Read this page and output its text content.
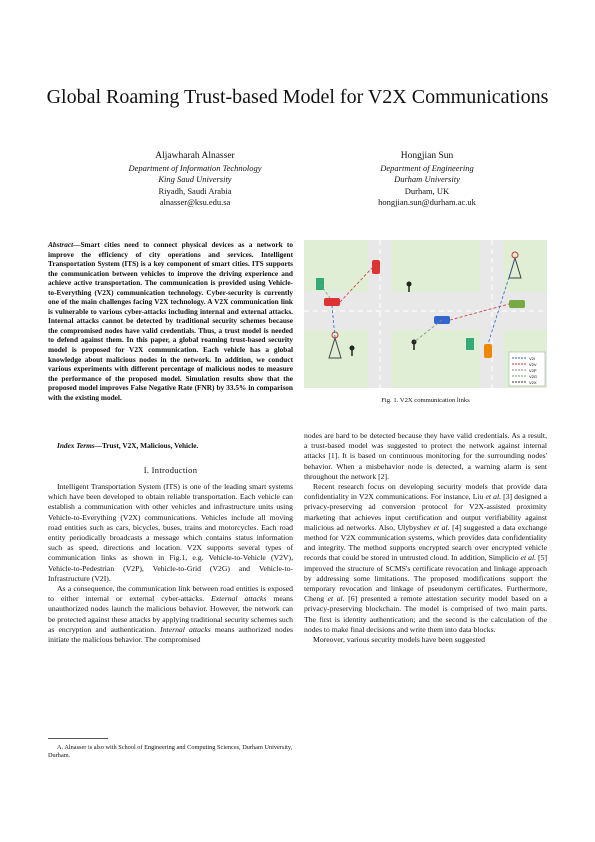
Global Roaming Trust-based Model for V2X Communications
Aljawharah Alnasser
Department of Information Technology
King Saud University
Riyadh, Saudi Arabia
alnasser@ksu.edu.sa
Hongjian Sun
Department of Engineering
Durham University
Durham, UK
hongjian.sun@durham.ac.uk
Abstract—Smart cities need to connect physical devices as a network to improve the efficiency of city operations and services. Intelligent Transportation System (ITS) is a key component of smart cities. ITS supports the communication between vehicles to improve the driving experience and achieve active transportation. The communication is provided using Vehicle-to-Everything (V2X) communication technology. Cyber-security is currently one of the main challenges facing V2X technology. A V2X communication link is vulnerable to various cyber-attacks including internal and external attacks. Internal attacks cannot be detected by traditional security schemes because the compromised nodes have valid credentials. Thus, a trust model is needed to defend against them. In this paper, a global roaming trust-based security model is proposed for V2X communication. Each vehicle has a global knowledge about malicious nodes in the network. In addition, we conduct various experiments with different percentage of malicious nodes to measure the performance of the proposed model. Simulation results show that the proposed model improves False Negative Rate (FNR) by 33.5% in comparison with the existing model.
Index Terms—Trust, V2X, Malicious, Vehicle.
I. Introduction

Intelligent Transportation System (ITS) is one of the leading smart systems which have been developed to obtain reliable transportation. Each vehicle can establish a communication with other vehicles and infrastructure units using Vehicle-to-Everything (V2X) communications. Vehicles include all moving road entities such as cars, bicycles, buses, trains and motorcycles. Each road entity periodically broadcasts a message which contains status information such as speed, directions and location. V2X supports several types of communication links as shown in Fig.1, e.g. Vehicle-to-Vehicle (V2V), Vehicle-to-Pedestrian (V2P), Vehicle-to-Grid (V2G) and Vehicle-to-Infrastructure (V2I).

As a consequence, the communication link between road entities is exposed to either internal or external cyber-attacks. External attacks means unauthorized nodes launch the malicious behavior. However, the network can be protected against these attacks by applying traditional security schemes such as encryption and authentication. Internal attacks means authorized nodes initiate the malicious behavior. The compromised

A. Alnasser is also with School of Engineering and Computing Sciences, Durham University, Durham.
V2I
V2V
V2P
V2G
V2X
Fig. 1. V2X communication links

nodes are hard to be detected because they have valid credentials. As a result, a trust-based model was suggested to protect the network against internal attacks [1]. It is based on continuous monitoring for the surrounding nodes' behavior. When a misbehavior node is detected, a warning alarm is sent throughout the network [2].

Recent research focus on developing security models that provide data confidentiality in V2X communications. For instance, Liu et al. [3] designed a privacy-preserving ad conversion protocol for V2X-assisted proximity marketing that achieves input certification and output verifiability against malicious ad networks. Also, Ulybyshev et al. [4] suggested a data exchange method for V2X communication systems, which provides data confidentiality and integrity. The method supports encrypted search over encrypted vehicle records that could be stored in untrusted cloud. In addition, Simplicio et al. [5] improved the structure of SCMS's certificate revocation and linkage approach by addressing some limitations. The proposed modifications support the temporary revocation and linkage of pseudonym certificates. Furthermore, Cheng et al. [6] presented a remote attestation security model based on a privacy-preserving blockchain. The model is comprised of two main parts. The first is identity authentication; and the second is the calculation of the nodes to make final decisions and write them into data blocks.

Moreover, various security models have been suggested
